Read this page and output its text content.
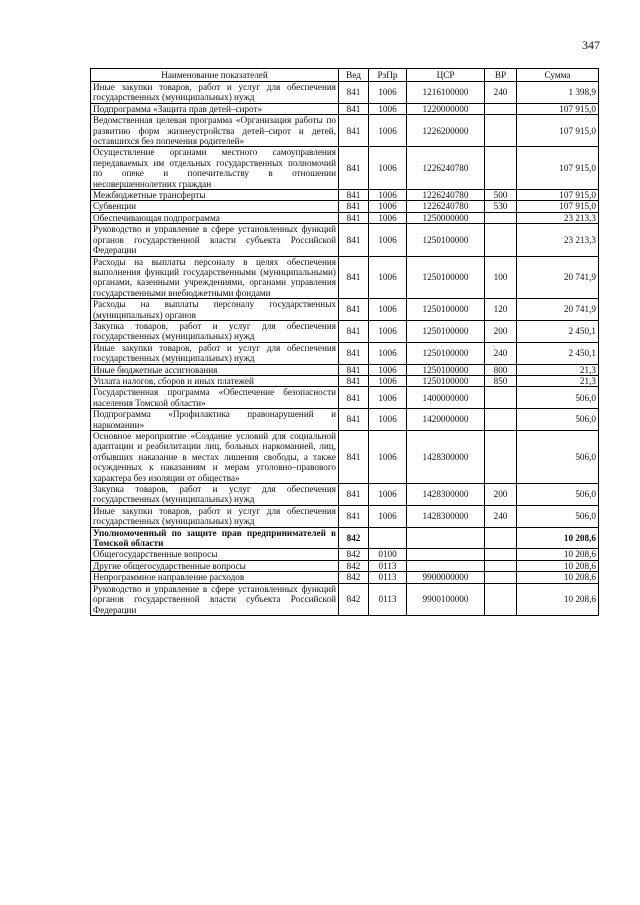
347
Наименование показателей	Вед	РзПр	ЦСР	ВР	Сумма
Иные закупки товаров, работ и услуг для обеспечения государственных (муниципальных) нужд	841	1006	1216100000	240	1 398,9
Подпрограмма «Защита прав детей–сирот»	841	1006	1220000000		107 915,0
Ведомственная целевая программа «Организация работы по развитию форм жизнеустройства детей–сирот и детей, оставшихся без попечения родителей»	841	1006	1226200000		107 915,0
Осуществление органами местного самоуправления передаваемых им отдельных государственных полномочий по опеке и попечительству в отношении несовершеннолетних граждан	841	1006	1226240780		107 915,0
Межбюджетные трансферты	841	1006	1226240780	500	107 915,0
Субвенции	841	1006	1226240780	530	107 915,0
Обеспечивающая подпрограмма	841	1006	1250000000		23 213,3
Руководство и управление в сфере установленных функций органов государственной власти субъекта Российской Федерации	841	1006	1250100000		23 213,3
Расходы на выплаты персоналу в целях обеспечения выполнения функций государственными (муниципальными) органами, казенными учреждениями, органами управления государственными внебюджетными фондами	841	1006	1250100000	100	20 741,9
Расходы на выплаты персоналу государственных (муниципальных) органов	841	1006	1250100000	120	20 741,9
Закупка товаров, работ и услуг для обеспечения государственных (муниципальных) нужд	841	1006	1250100000	200	2 450,1
Иные закупки товаров, работ и услуг для обеспечения государственных (муниципальных) нужд	841	1006	1250100000	240	2 450,1
Иные бюджетные ассигнования	841	1006	1250100000	800	21,3
Уплата налогов, сборов и иных платежей	841	1006	1250100000	850	21,3
Государственная программа «Обеспечение безопасности населения Томской области»	841	1006	1400000000		506,0
Подпрограмма «Профилактика правонарушений и наркомании»	841	1006	1420000000		506,0
Основное мероприятие «Создание условий для социальной адаптации и реабилитации лиц, больных наркоманией, лиц, отбывших наказание в местах лишения свободы, а также осужденных к наказаниям и мерам уголовно–правового характера без изоляции от общества»	841	1006	1428300000		506,0
Закупка товаров, работ и услуг для обеспечения государственных (муниципальных) нужд	841	1006	1428300000	200	506,0
Иные закупки товаров, работ и услуг для обеспечения государственных (муниципальных) нужд	841	1006	1428300000	240	506,0
Уполномоченный по защите прав предпринимателей в Томской области	842				10 208,6
Общегосударственные вопросы	842	0100			10 208,6
Другие общегосударственные вопросы	842	0113			10 208,6
Непрограммное направление расходов	842	0113	9900000000		10 208,6
Руководство и управление в сфере установленных функций органов государственной власти субъекта Российской Федерации	842	0113	9900100000		10 208,6
